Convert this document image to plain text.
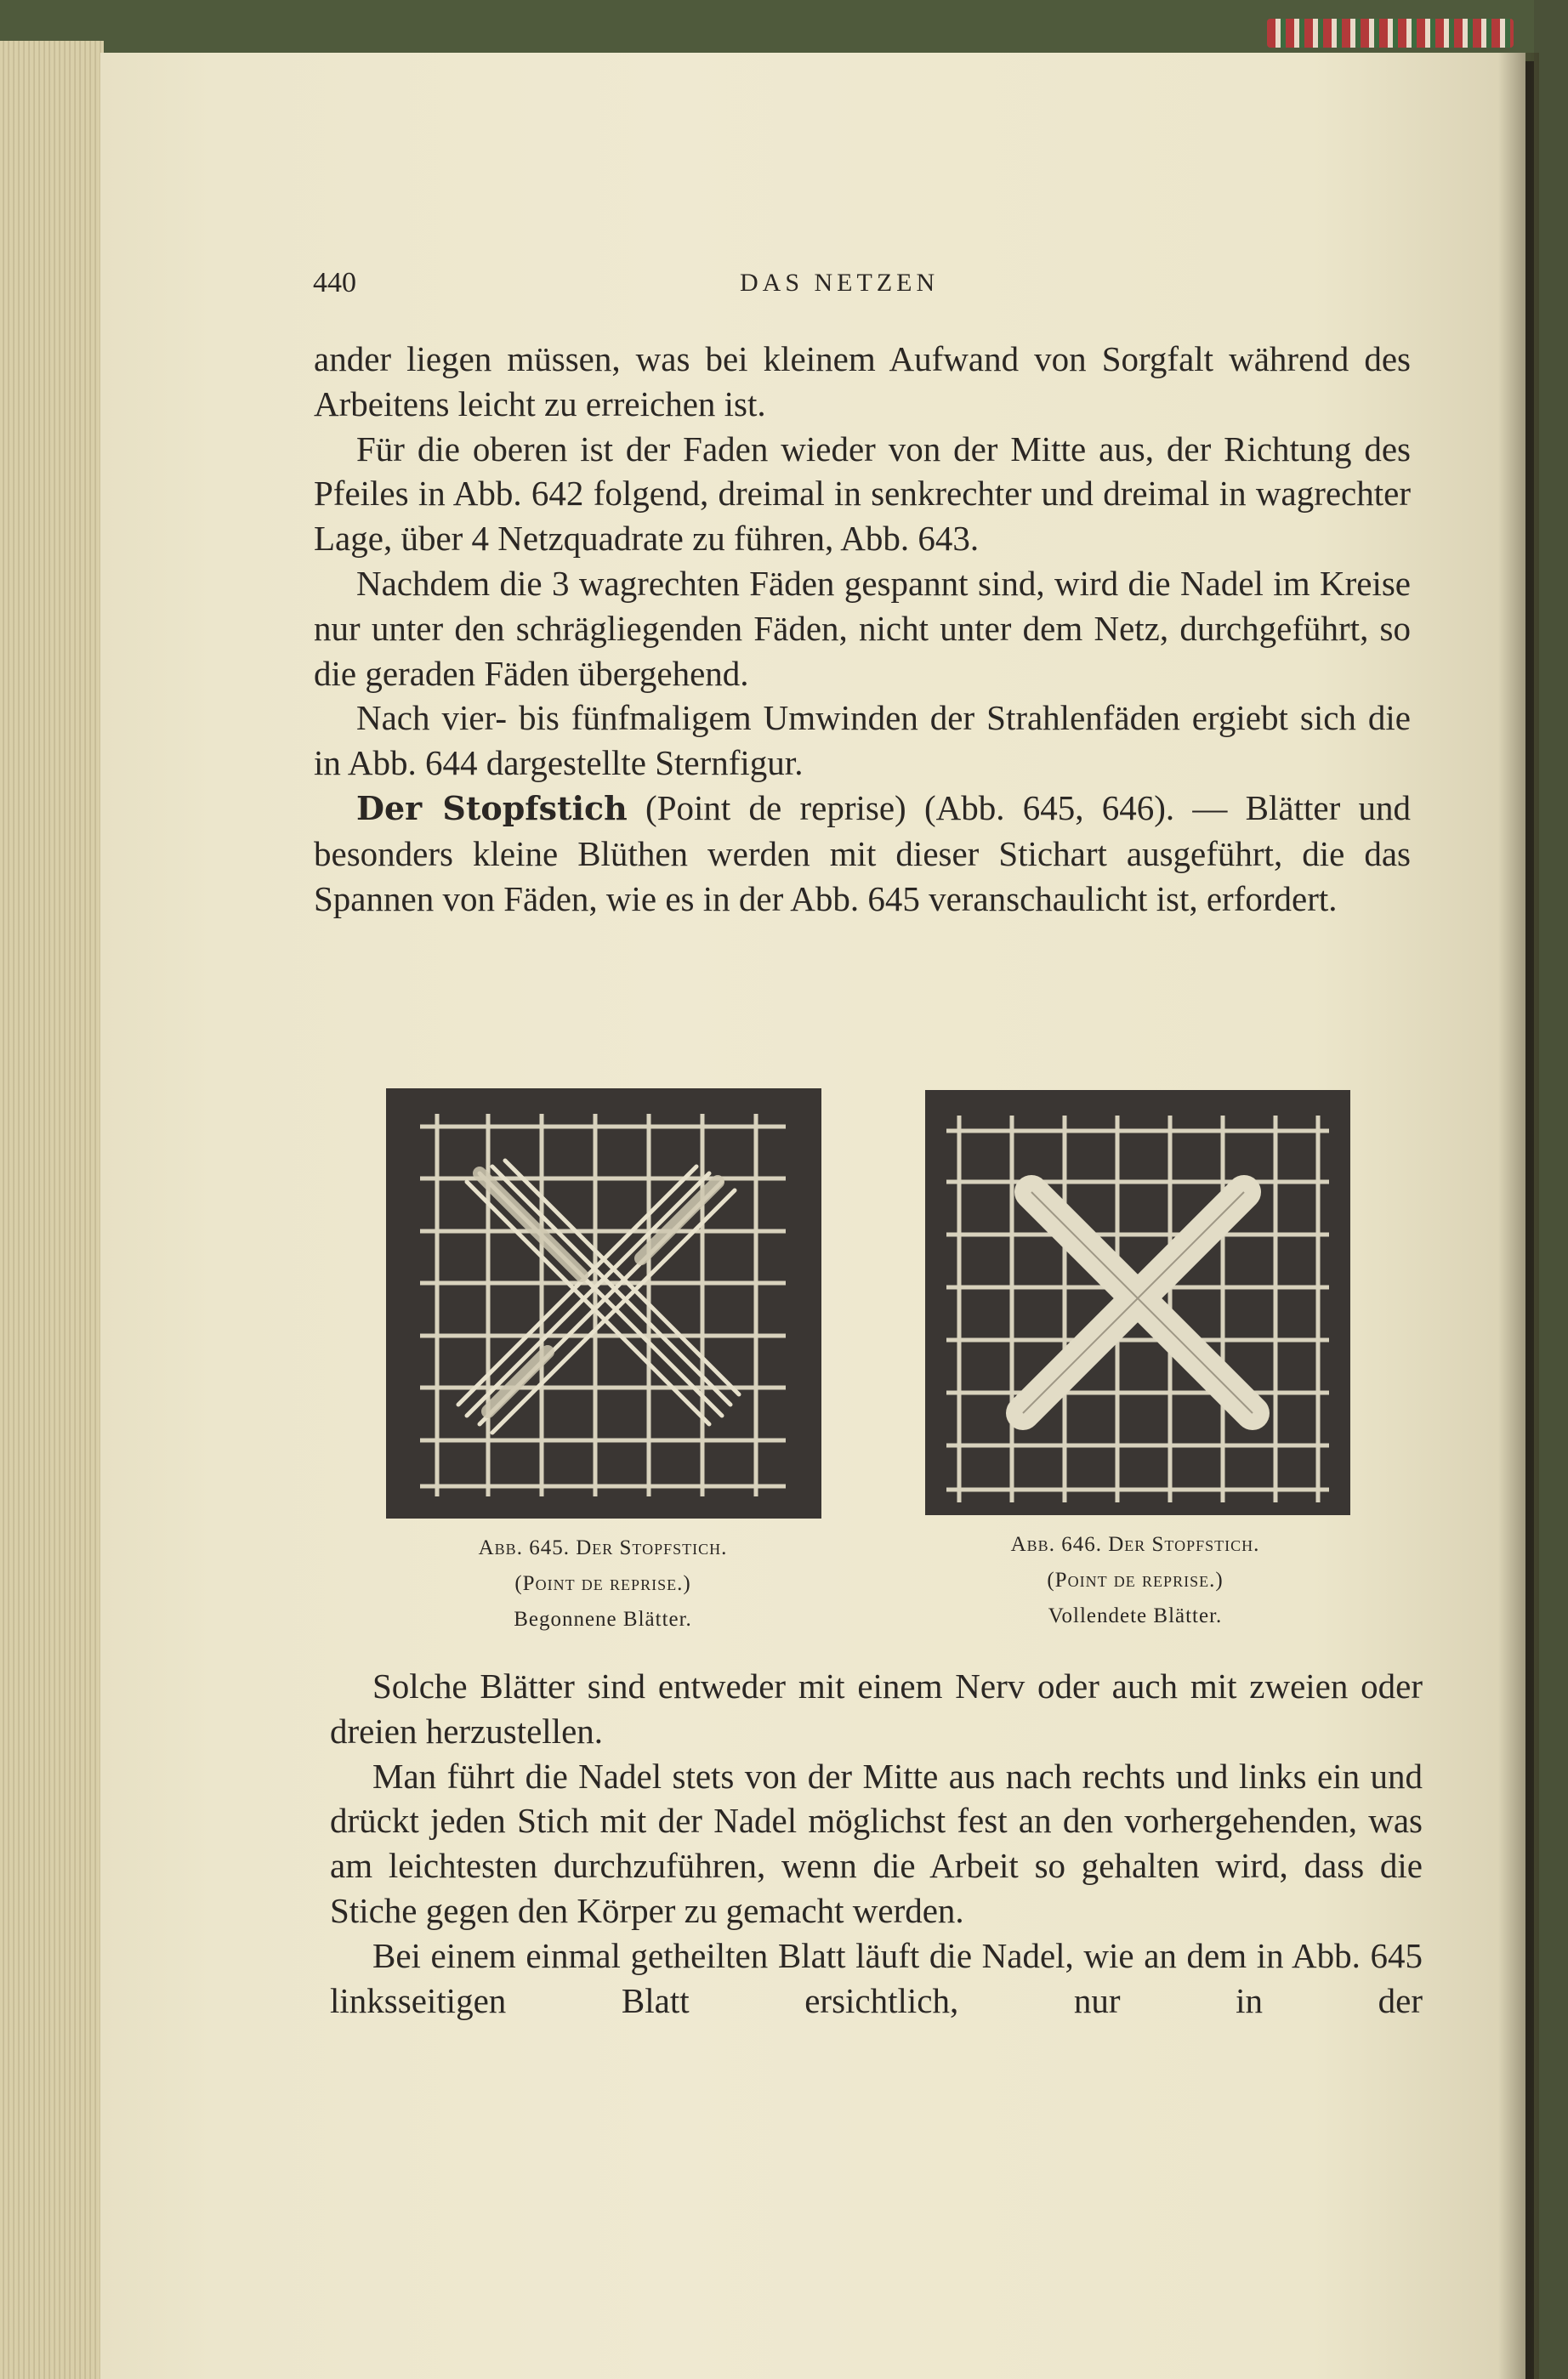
440	DAS NETZEN

ander liegen müssen, was bei kleinem Aufwand von Sorgfalt während des Arbeitens leicht zu erreichen ist.

Für die oberen ist der Faden wieder von der Mitte aus, der Richtung des Pfeiles in Abb. 642 folgend, dreimal in senkrechter und dreimal in wagrechter Lage, über 4 Netzquadrate zu führen, Abb. 643.

Nachdem die 3 wagrechten Fäden gespannt sind, wird die Nadel im Kreise nur unter den schrägliegenden Fäden, nicht unter dem Netz, durchgeführt, so die geraden Fäden übergehend.

Nach vier- bis fünfmaligem Umwinden der Strahlenfäden ergiebt sich die in Abb. 644 dargestellte Sternfigur.

Der Stopfstich (Point de reprise) (Abb. 645, 646). — Blätter und besonders kleine Blüthen werden mit dieser Stichart ausgeführt, die das Spannen von Fäden, wie es in der Abb. 645 veranschaulicht ist, erfordert.

Abb. 645. Der Stopfstich.
(Point de reprise.)
Begonnene Blätter.
Abb. 646. Der Stopfstich.
(Point de reprise.)
Vollendete Blätter.

Solche Blätter sind entweder mit einem Nerv oder auch mit zweien oder dreien herzustellen.

Man führt die Nadel stets von der Mitte aus nach rechts und links ein und drückt jeden Stich mit der Nadel möglichst fest an den vorhergehenden, was am leichtesten durchzuführen, wenn die Arbeit so gehalten wird, dass die Stiche gegen den Körper zu gemacht werden.

Bei einem einmal getheilten Blatt läuft die Nadel, wie an dem in Abb. 645 linksseitigen Blatt ersichtlich, nur in der
